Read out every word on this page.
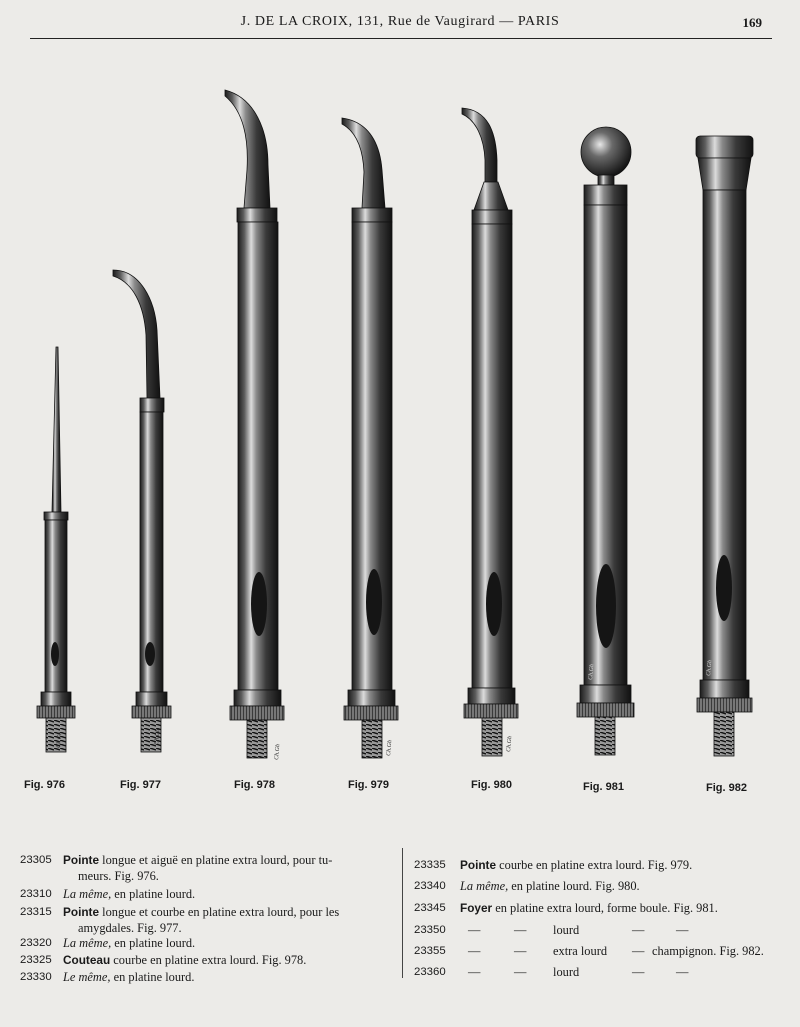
J. DE LA CROIX, 131, Rue de Vaugirard — PARIS	169
Ch.Gh	Ch.Gh
Ch.Gh	Ch.Gh	Ch.Gh
Ch.Gh	Ch.Gh
Fig. 976	Fig. 977	Fig. 978	Fig. 979	Fig. 980	Fig. 981	Fig. 982
23305 Pointe longue et aiguë en platine extra lourd, pour tu-
meurs. Fig. 976.
23310 La même, en platine lourd.
23315 Pointe longue et courbe en platine extra lourd, pour les
amygdales. Fig. 977.
23320 La même, en platine lourd.
23325 Couteau courbe en platine extra lourd. Fig. 978.
23330 Le même, en platine lourd.
23335 Pointe courbe en platine extra lourd. Fig. 979.
23340 La même, en platine lourd. Fig. 980.
23345 Foyer en platine extra lourd, forme boule. Fig. 981.
23350 —	— lourd	—	—
23355 —	— extra lourd — champignon. Fig. 982.
23360 —	— lourd	—	—
